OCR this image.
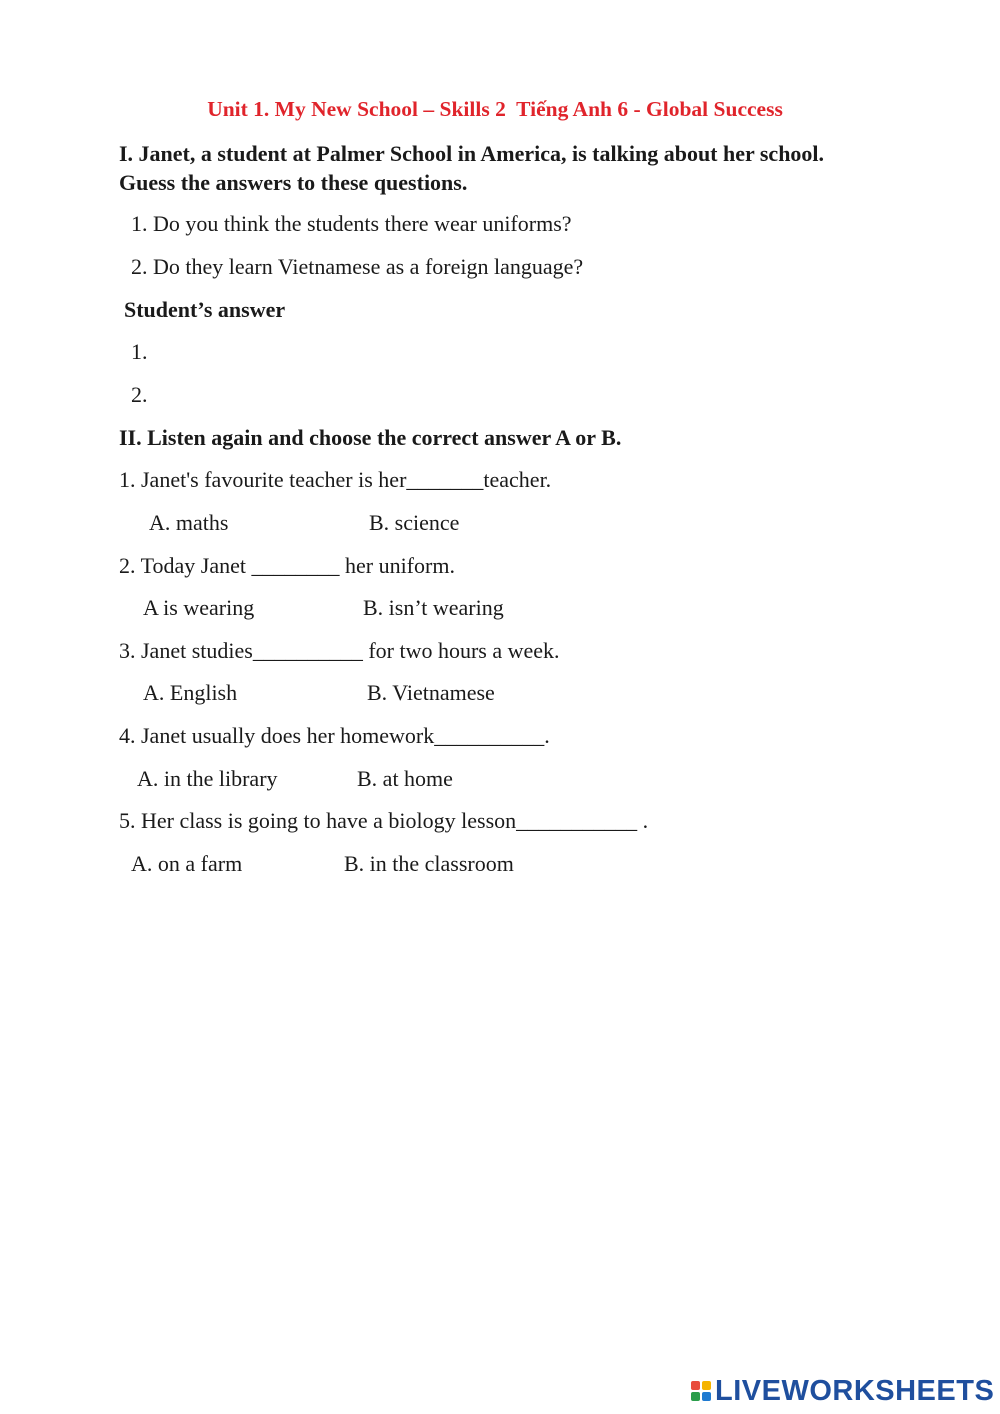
Unit 1. My New School – Skills 2  Tiếng Anh 6 - Global Success
I. Janet, a student at Palmer School in America, is talking about her school.
Guess the answers to these questions.
1. Do you think the students there wear uniforms?
2. Do they learn Vietnamese as a foreign language?
Student’s answer
1.
2.
II. Listen again and choose the correct answer A or B.
1. Janet's favourite teacher is her_______teacher.
A. maths	B. science
2. Today Janet ________ her uniform.
A is wearing	B. isn’t wearing
3. Janet studies__________ for two hours a week.
A. English	B. Vietnamese
4. Janet usually does her homework__________.
A. in the library	B. at home
5. Her class is going to have a biology lesson___________ .
A. on a farm	B. in the classroom
LIVEWORKSHEETS
